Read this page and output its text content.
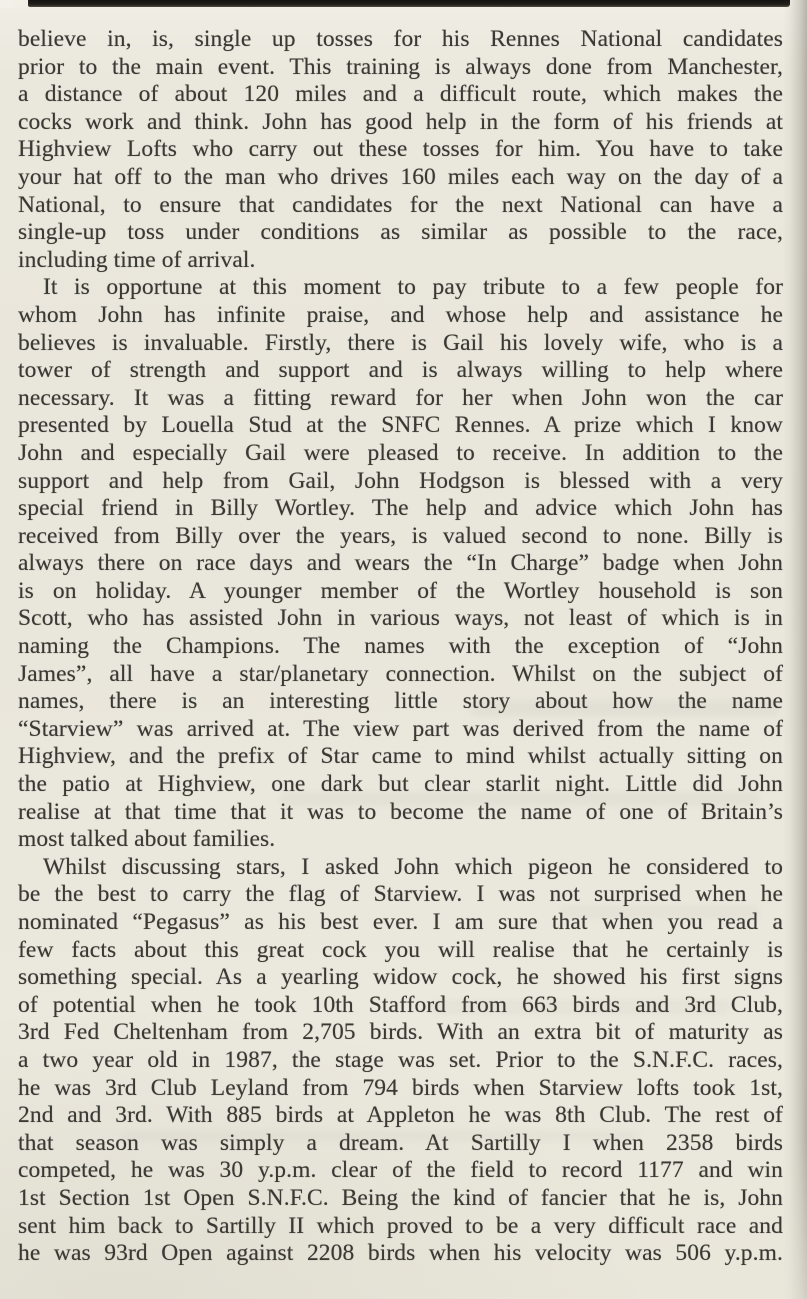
believe in, is, single up tosses for his Rennes National candidates
prior to the main event. This training is always done from Manchester,
a distance of about 120 miles and a difficult route, which makes the
cocks work and think. John has good help in the form of his friends at
Highview Lofts who carry out these tosses for him. You have to take
your hat off to the man who drives 160 miles each way on the day of a
National, to ensure that candidates for the next National can have a
single-up toss under conditions as similar as possible to the race,
including time of arrival.
It is opportune at this moment to pay tribute to a few people for
whom John has infinite praise, and whose help and assistance he
believes is invaluable. Firstly, there is Gail his lovely wife, who is a
tower of strength and support and is always willing to help where
necessary. It was a fitting reward for her when John won the car
presented by Louella Stud at the SNFC Rennes. A prize which I know
John and especially Gail were pleased to receive. In addition to the
support and help from Gail, John Hodgson is blessed with a very
special friend in Billy Wortley. The help and advice which John has
received from Billy over the years, is valued second to none. Billy is
always there on race days and wears the “In Charge” badge when John
is on holiday. A younger member of the Wortley household is son
Scott, who has assisted John in various ways, not least of which is in
naming the Champions. The names with the exception of “John
James”, all have a star/planetary connection. Whilst on the subject of
names, there is an interesting little story about how the name
“Starview” was arrived at. The view part was derived from the name of
Highview, and the prefix of Star came to mind whilst actually sitting on
the patio at Highview, one dark but clear starlit night. Little did John
realise at that time that it was to become the name of one of Britain’s
most talked about families.
Whilst discussing stars, I asked John which pigeon he considered to
be the best to carry the flag of Starview. I was not surprised when he
nominated “Pegasus” as his best ever. I am sure that when you read a
few facts about this great cock you will realise that he certainly is
something special. As a yearling widow cock, he showed his first signs
of potential when he took 10th Stafford from 663 birds and 3rd Club,
3rd Fed Cheltenham from 2,705 birds. With an extra bit of maturity as
a two year old in 1987, the stage was set. Prior to the S.N.F.C. races,
he was 3rd Club Leyland from 794 birds when Starview lofts took 1st,
2nd and 3rd. With 885 birds at Appleton he was 8th Club. The rest of
that season was simply a dream. At Sartilly I when 2358 birds
competed, he was 30 y.p.m. clear of the field to record 1177 and win
1st Section 1st Open S.N.F.C. Being the kind of fancier that he is, John
sent him back to Sartilly II which proved to be a very difficult race and
he was 93rd Open against 2208 birds when his velocity was 506 y.p.m.
